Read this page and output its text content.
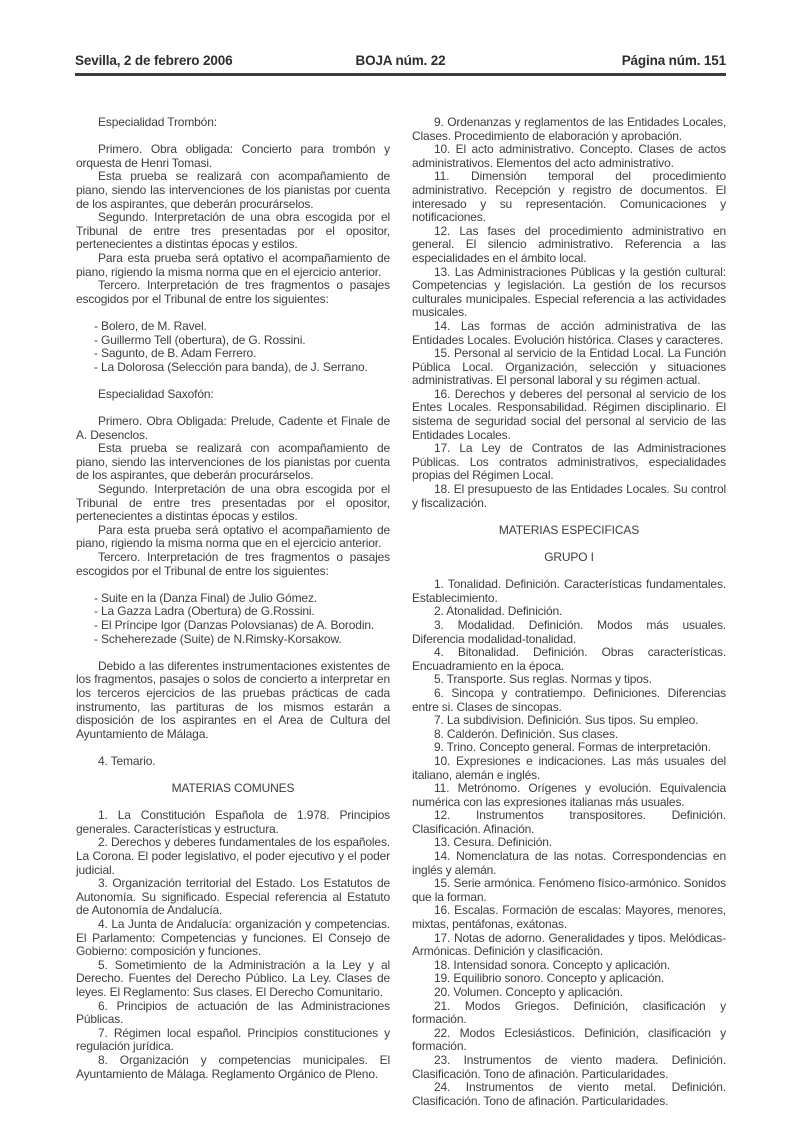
Sevilla, 2 de febrero 2006	BOJA núm. 22	Página núm. 151
Especialidad Trombón:
Primero. Obra obligada: Concierto para trombón y orquesta de Henri Tomasi.
Esta prueba se realizará con acompañamiento de piano, siendo las intervenciones de los pianistas por cuenta de los aspirantes, que deberán procurárselos.
Segundo. Interpretación de una obra escogida por el Tribunal de entre tres presentadas por el opositor, pertenecientes a distintas épocas y estilos.
Para esta prueba será optativo el acompañamiento de piano, rigiendo la misma norma que en el ejercicio anterior.
Tercero. Interpretación de tres fragmentos o pasajes escogidos por el Tribunal de entre los siguientes:
- Bolero, de M. Ravel.
- Guillermo Tell (obertura), de G. Rossini.
- Sagunto, de B. Adam Ferrero.
- La Dolorosa (Selección para banda), de J. Serrano.
Especialidad Saxofón:
Primero. Obra Obligada: Prelude, Cadente et Finale de A. Desenclos.
Esta prueba se realizará con acompañamiento de piano, siendo las intervenciones de los pianistas por cuenta de los aspirantes, que deberán procurárselos.
Segundo. Interpretación de una obra escogida por el Tribunal de entre tres presentadas por el opositor, pertenecientes a distintas épocas y estilos.
Para esta prueba será optativo el acompañamiento de piano, rigiendo la misma norma que en el ejercicio anterior.
Tercero. Interpretación de tres fragmentos o pasajes escogidos por el Tribunal de entre los siguientes:
- Suite en la (Danza Final) de Julio Gómez.
- La Gazza Ladra (Obertura) de G.Rossini.
- El Príncipe Igor (Danzas Polovsianas) de A. Borodin.
- Scheherezade (Suite) de N.Rimsky-Korsakow.
Debido a las diferentes instrumentaciones existentes de los fragmentos, pasajes o solos de concierto a interpretar en los terceros ejercicios de las pruebas prácticas de cada instrumento, las partituras de los mismos estarán a disposición de los aspirantes en el Area de Cultura del Ayuntamiento de Málaga.
4. Temario.
MATERIAS COMUNES
1. La Constitución Española de 1.978. Principios generales. Características y estructura.
2. Derechos y deberes fundamentales de los españoles. La Corona. El poder legislativo, el poder ejecutivo y el poder judicial.
3. Organización territorial del Estado. Los Estatutos de Autonomía. Su significado. Especial referencia al Estatuto de Autonomía de Andalucía.
4. La Junta de Andalucía: organización y competencias. El Parlamento: Competencias y funciones. El Consejo de Gobierno: composición y funciones.
5. Sometimiento de la Administración a la Ley y al Derecho. Fuentes del Derecho Público. La Ley. Clases de leyes. El Reglamento: Sus clases. El Derecho Comunitario.
6. Principios de actuación de las Administraciones Públicas.
7. Régimen local español. Principios constituciones y regulación jurídica.
8. Organización y competencias municipales. El Ayuntamiento de Málaga. Reglamento Orgánico de Pleno.
9. Ordenanzas y reglamentos de las Entidades Locales, Clases. Procedimiento de elaboración y aprobación.
10. El acto administrativo. Concepto. Clases de actos administrativos. Elementos del acto administrativo.
11. Dimensión temporal del procedimiento administrativo. Recepción y registro de documentos. El interesado y su representación. Comunicaciones y notificaciones.
12. Las fases del procedimiento administrativo en general. El silencio administrativo. Referencia a las especialidades en el ámbito local.
13. Las Administraciones Públicas y la gestión cultural: Competencias y legislación. La gestión de los recursos culturales municipales. Especial referencia a las actividades musicales.
14. Las formas de acción administrativa de las Entidades Locales. Evolución histórica. Clases y caracteres.
15. Personal al servicio de la Entidad Local. La Función Pública Local. Organización, selección y situaciones administrativas. El personal laboral y su régimen actual.
16. Derechos y deberes del personal al servicio de los Entes Locales. Responsabilidad. Régimen disciplinario. El sistema de seguridad social del personal al servicio de las Entidades Locales.
17. La Ley de Contratos de las Administraciones Públicas. Los contratos administrativos, especialidades propias del Régimen Local.
18. El presupuesto de las Entidades Locales. Su control y fiscalización.
MATERIAS ESPECIFICAS
GRUPO I
1. Tonalidad. Definición. Características fundamentales. Establecimiento.
2. Atonalidad. Definición.
3. Modalidad. Definición. Modos más usuales. Diferencia modalidad-tonalidad.
4. Bitonalidad. Definición. Obras características. Encuadramiento en la época.
5. Transporte. Sus reglas. Normas y tipos.
6. Sincopa y contratiempo. Definiciones. Diferencias entre si. Clases de síncopas.
7. La subdivision. Definición. Sus tipos. Su empleo.
8. Calderón. Definición. Sus clases.
9. Trino. Concepto general. Formas de interpretación.
10. Expresiones e indicaciones. Las más usuales del italiano, alemán e inglés.
11. Metrónomo. Orígenes y evolución. Equivalencia numérica con las expresiones italianas más usuales.
12. Instrumentos transpositores. Definición. Clasificación. Afinación.
13. Cesura. Definición.
14. Nomenclatura de las notas. Correspondencias en inglés y alemán.
15. Serie armónica. Fenómeno físico-armónico. Sonidos que la forman.
16. Escalas. Formación de escalas: Mayores, menores, mixtas, pentáfonas, exátonas.
17. Notas de adorno. Generalidades y tipos. Melódicas-Armónicas. Definición y clasificación.
18. Intensidad sonora. Concepto y aplicación.
19. Equilibrio sonoro. Concepto y aplicación.
20. Volumen. Concepto y aplicación.
21. Modos Griegos. Definición, clasificación y formación.
22. Modos Eclesiásticos. Definición, clasificación y formación.
23. Instrumentos de viento madera. Definición. Clasificación. Tono de afinación. Particularidades.
24. Instrumentos de viento metal. Definición. Clasificación. Tono de afinación. Particularidades.
